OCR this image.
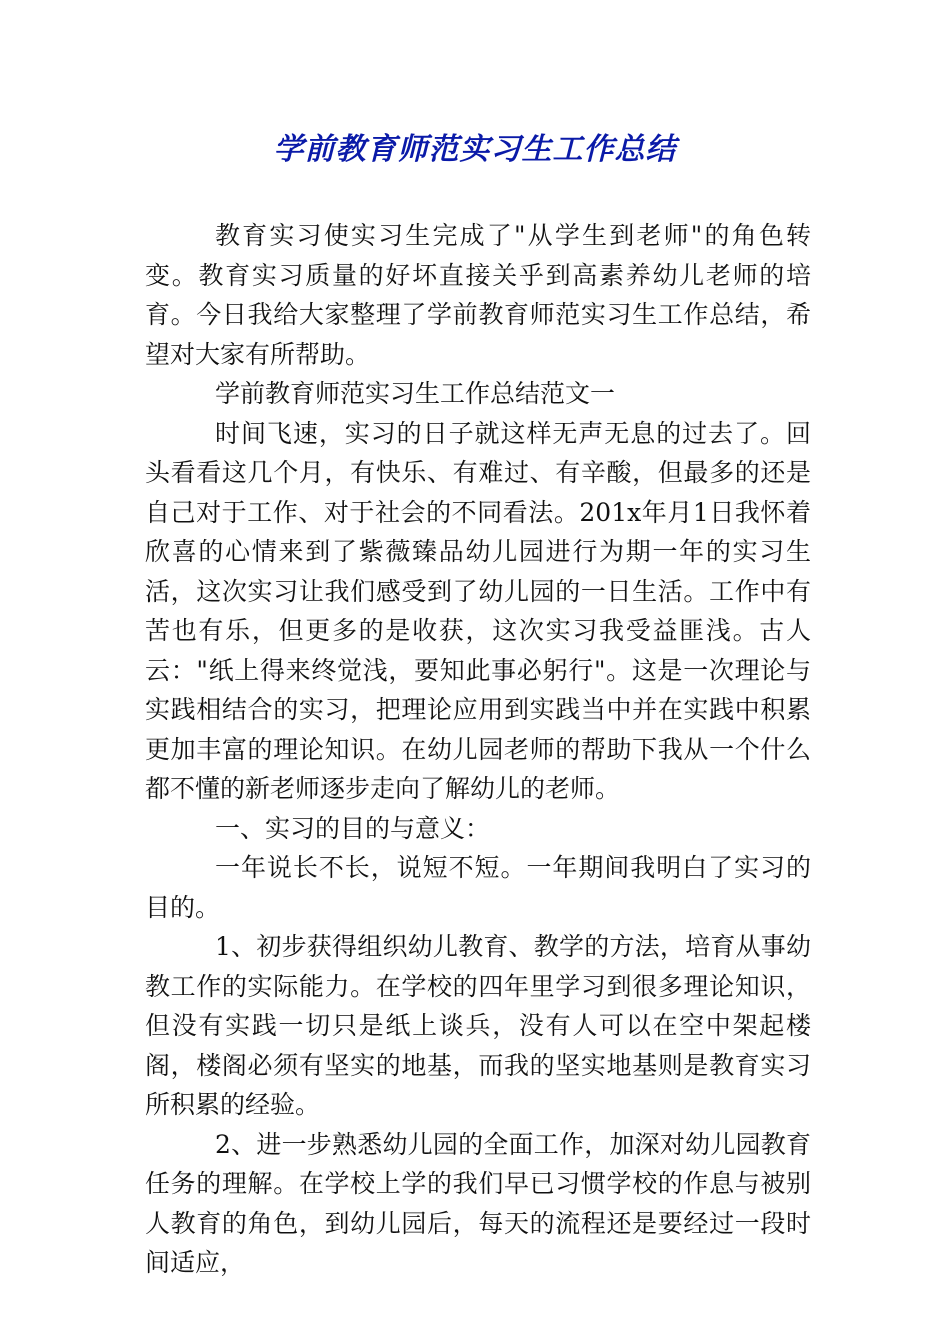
学前教育师范实习生工作总结

教育实习使实习生完成了"从学生到老师"的角色转变。教育实习质量的好坏直接关乎到高素养幼儿老师的培育。今日我给大家整理了学前教育师范实习生工作总结，希望对大家有所帮助。

学前教育师范实习生工作总结范文一

时间飞速，实习的日子就这样无声无息的过去了。回头看看这几个月，有快乐、有难过、有辛酸，但最多的还是自己对于工作、对于社会的不同看法。201x年月1日我怀着欣喜的心情来到了紫薇臻品幼儿园进行为期一年的实习生活，这次实习让我们感受到了幼儿园的一日生活。工作中有苦也有乐，但更多的是收获，这次实习我受益匪浅。古人云："纸上得来终觉浅，要知此事必躬行"。这是一次理论与实践相结合的实习，把理论应用到实践当中并在实践中积累更加丰富的理论知识。在幼儿园老师的帮助下我从一个什么都不懂的新老师逐步走向了解幼儿的老师。

一、实习的目的与意义：

一年说长不长，说短不短。一年期间我明白了实习的目的。

1、初步获得组织幼儿教育、教学的方法，培育从事幼教工作的实际能力。在学校的四年里学习到很多理论知识，但没有实践一切只是纸上谈兵，没有人可以在空中架起楼阁，楼阁必须有坚实的地基，而我的坚实地基则是教育实习所积累的经验。

2、进一步熟悉幼儿园的全面工作，加深对幼儿园教育任务的理解。在学校上学的我们早已习惯学校的作息与被别人教育的角色，到幼儿园后，每天的流程还是要经过一段时间适应，
